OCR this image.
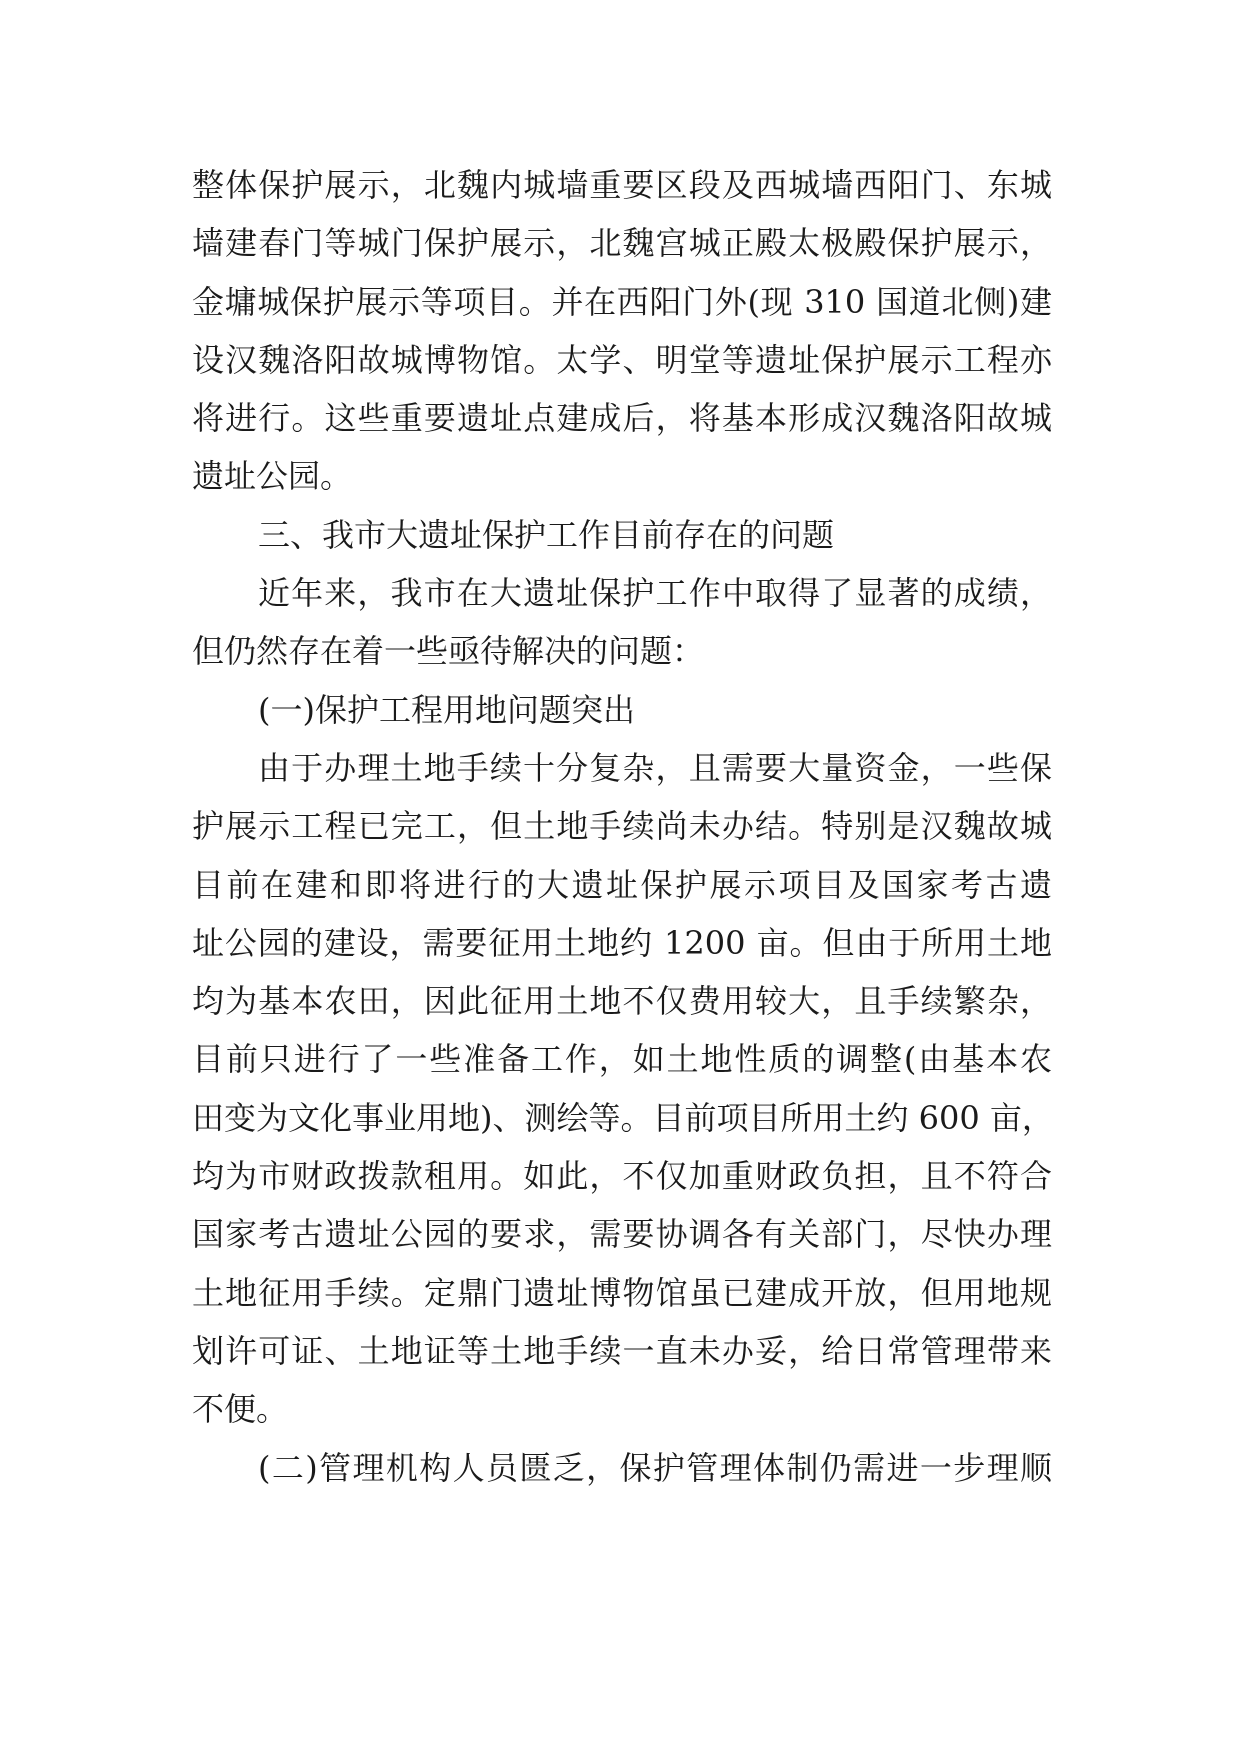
整体保护展示，北魏内城墙重要区段及西城墙西阳门、东城
墙建春门等城门保护展示，北魏宫城正殿太极殿保护展示，
金墉城保护展示等项目。并在西阳门外(现 310 国道北侧)建
设汉魏洛阳故城博物馆。太学、明堂等遗址保护展示工程亦
将进行。这些重要遗址点建成后，将基本形成汉魏洛阳故城
遗址公园。
三、我市大遗址保护工作目前存在的问题
近年来，我市在大遗址保护工作中取得了显著的成绩，
但仍然存在着一些亟待解决的问题：
(一)保护工程用地问题突出
由于办理土地手续十分复杂，且需要大量资金，一些保
护展示工程已完工，但土地手续尚未办结。特别是汉魏故城
目前在建和即将进行的大遗址保护展示项目及国家考古遗
址公园的建设，需要征用土地约 1200 亩。但由于所用土地
均为基本农田，因此征用土地不仅费用较大，且手续繁杂，
目前只进行了一些准备工作，如土地性质的调整(由基本农
田变为文化事业用地)、测绘等。目前项目所用土约 600 亩，
均为市财政拨款租用。如此，不仅加重财政负担，且不符合
国家考古遗址公园的要求，需要协调各有关部门，尽快办理
土地征用手续。定鼎门遗址博物馆虽已建成开放，但用地规
划许可证、土地证等土地手续一直未办妥，给日常管理带来
不便。
(二)管理机构人员匮乏，保护管理体制仍需进一步理顺
